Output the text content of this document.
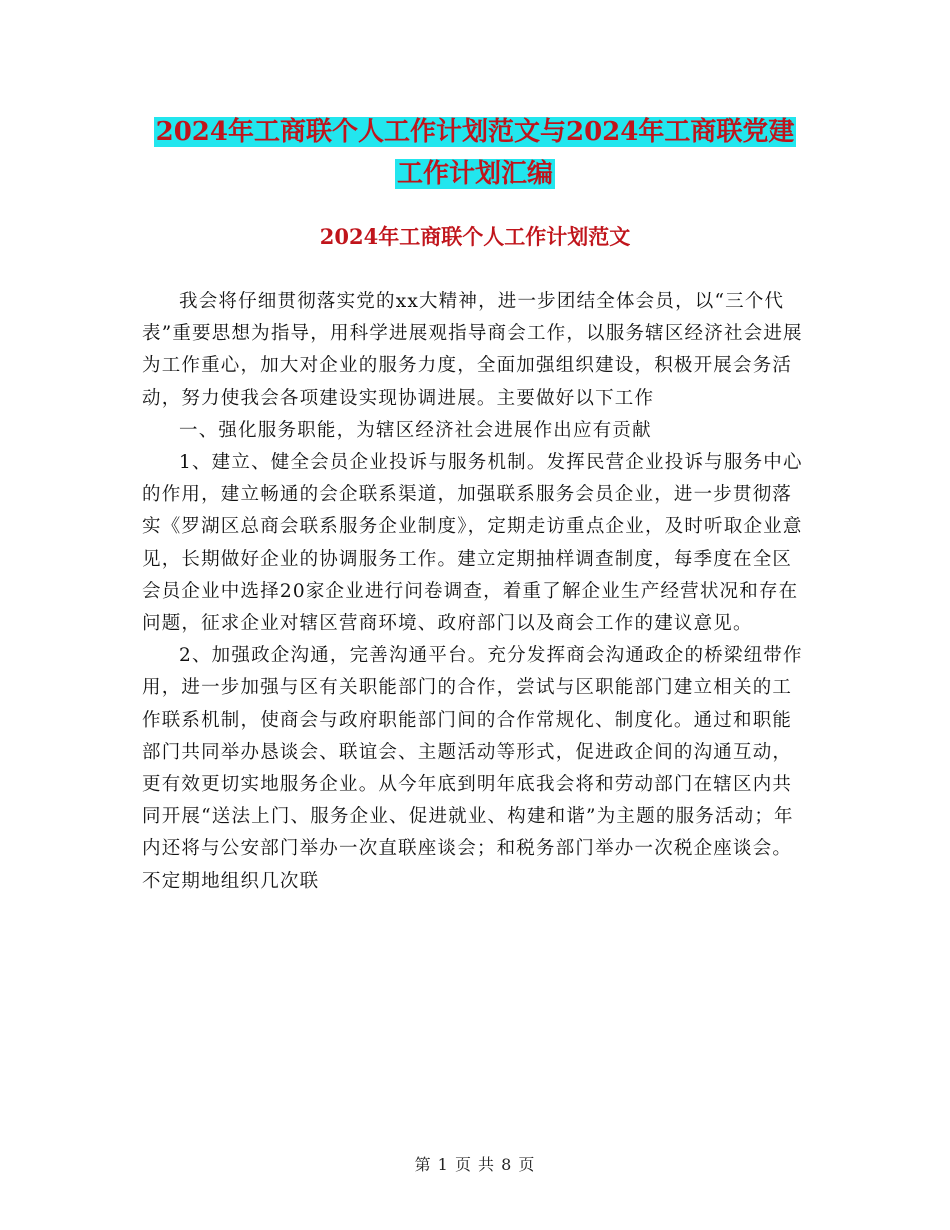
2024年工商联个人工作计划范文与2024年工商联党建
工作计划汇编
2024年工商联个人工作计划范文

我会将仔细贯彻落实党的xx大精神，进一步团结全体会员，以“三个代表”重要思想为指导，用科学进展观指导商会工作，以服务辖区经济社会进展为工作重心，加大对企业的服务力度，全面加强组织建设，积极开展会务活动，努力使我会各项建设实现协调进展。主要做好以下工作

一、强化服务职能，为辖区经济社会进展作出应有贡献

1、建立、健全会员企业投诉与服务机制。发挥民营企业投诉与服务中心的作用，建立畅通的会企联系渠道，加强联系服务会员企业，进一步贯彻落实《罗湖区总商会联系服务企业制度》，定期走访重点企业，及时听取企业意见，长期做好企业的协调服务工作。建立定期抽样调查制度，每季度在全区会员企业中选择20家企业进行问卷调查，着重了解企业生产经营状况和存在问题，征求企业对辖区营商环境、政府部门以及商会工作的建议意见。

2、加强政企沟通，完善沟通平台。充分发挥商会沟通政企的桥梁纽带作用，进一步加强与区有关职能部门的合作，尝试与区职能部门建立相关的工作联系机制，使商会与政府职能部门间的合作常规化、制度化。通过和职能部门共同举办恳谈会、联谊会、主题活动等形式，促进政企间的沟通互动，更有效更切实地服务企业。从今年底到明年底我会将和劳动部门在辖区内共同开展“送法上门、服务企业、促进就业、构建和谐”为主题的服务活动；年内还将与公安部门举办一次直联座谈会；和税务部门举办一次税企座谈会。不定期地组织几次联

第 1 页 共 8 页
